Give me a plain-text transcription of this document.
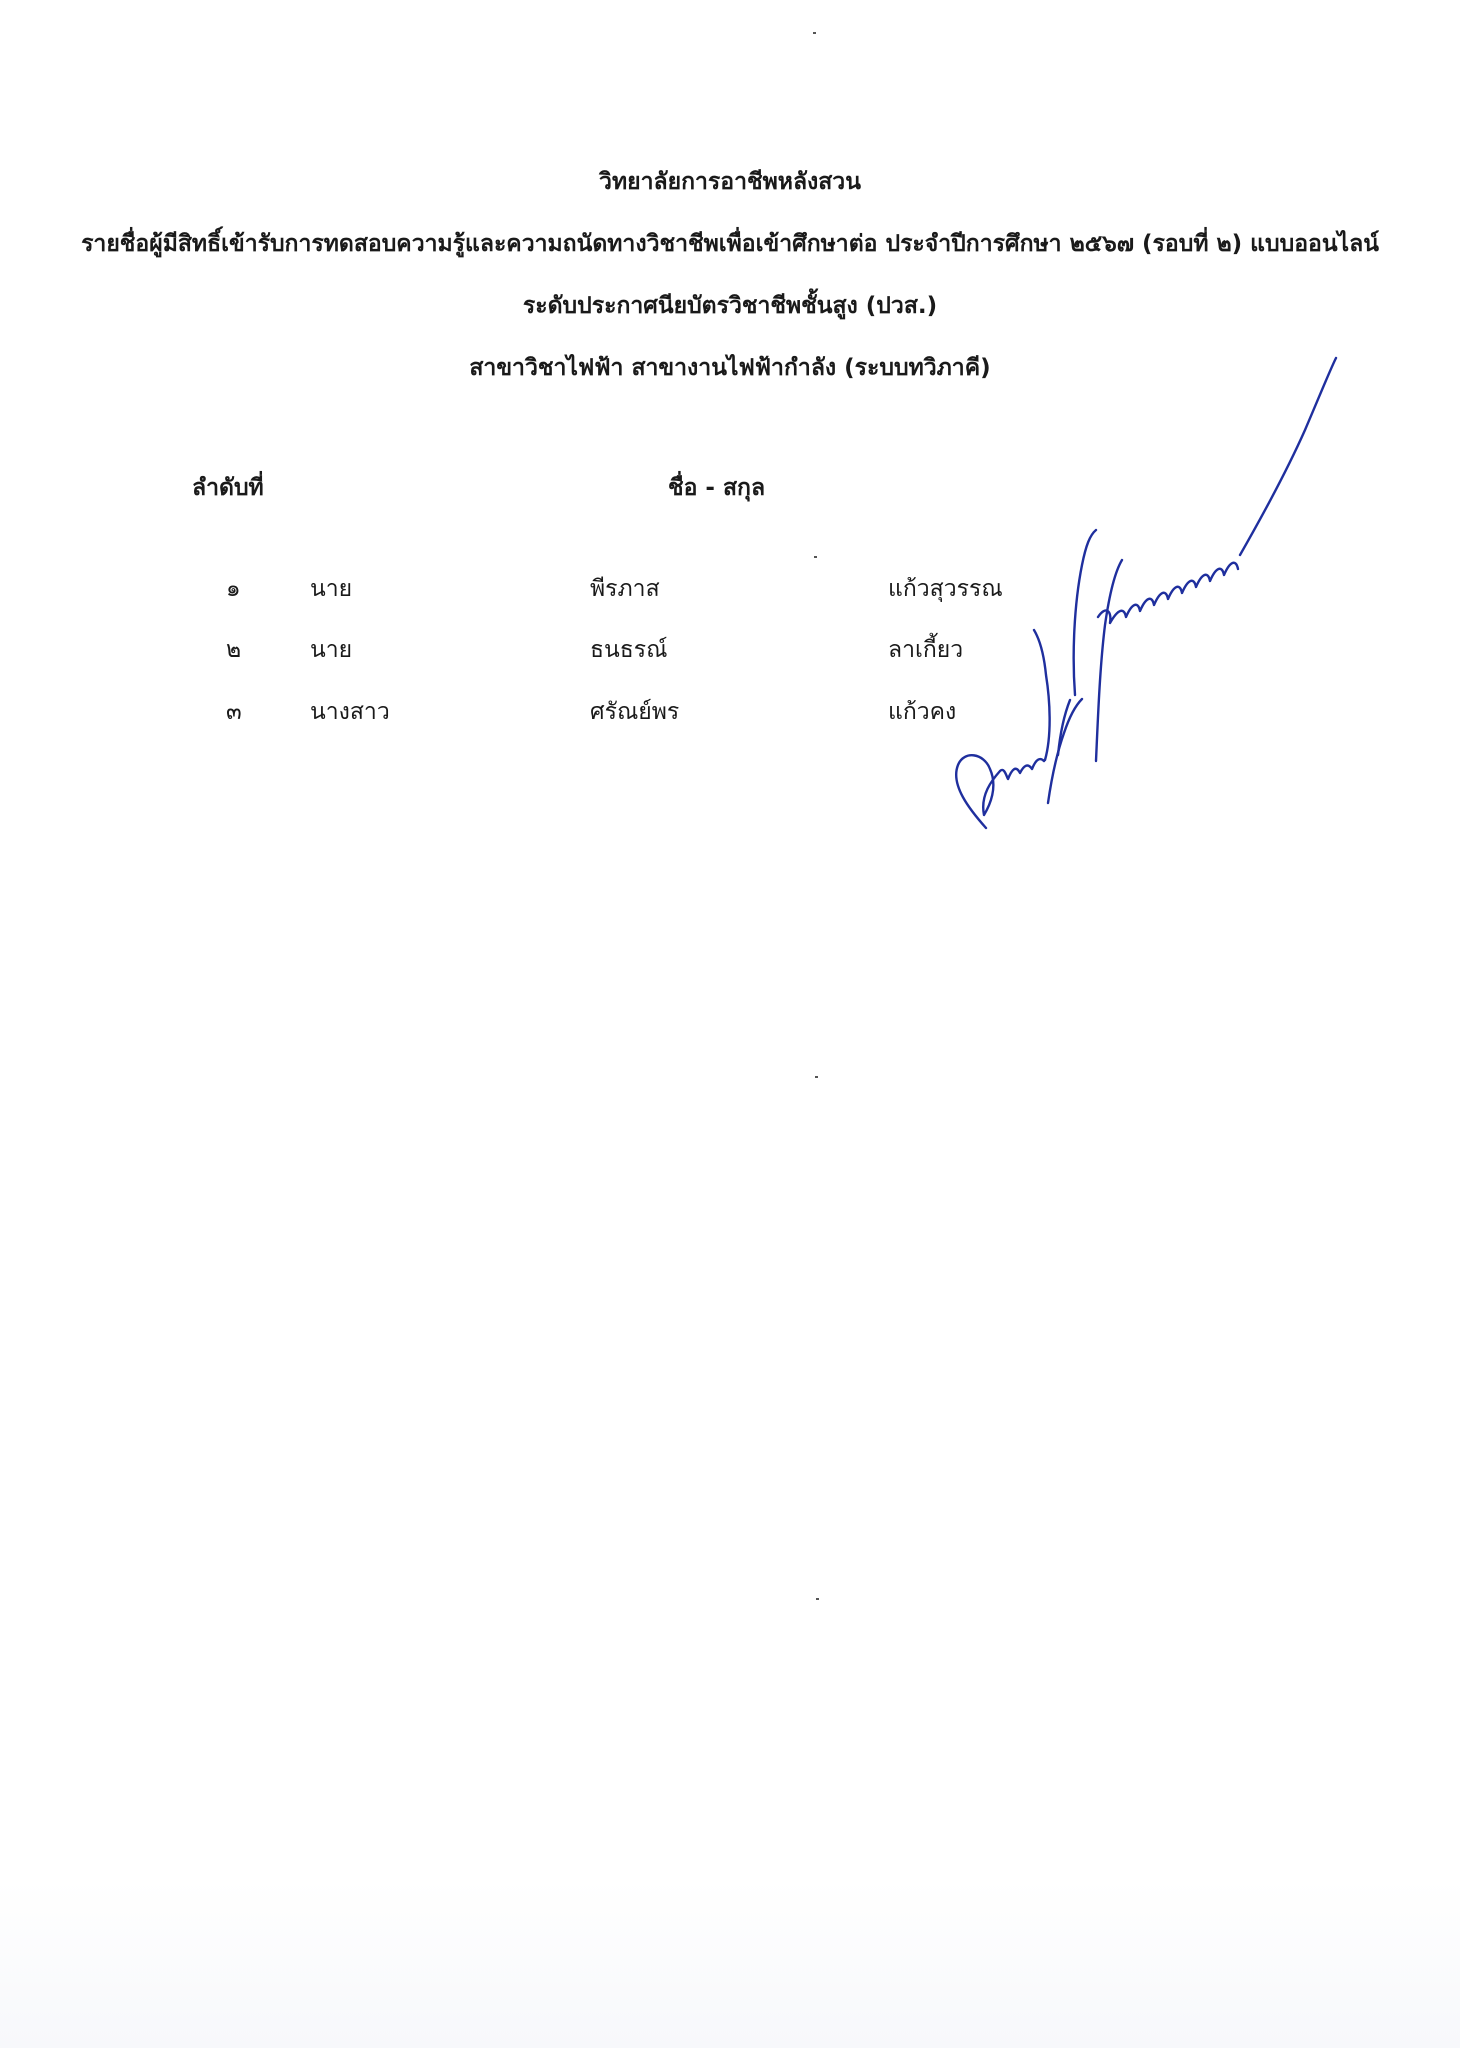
วิทยาลัยการอาชีพหลังสวน
รายชื่อผู้มีสิทธิ์เข้ารับการทดสอบความรู้และความถนัดทางวิชาชีพเพื่อเข้าศึกษาต่อ ประจำปีการศึกษา ๒๕๖๗ (รอบที่ ๒) แบบออนไลน์
ระดับประกาศนียบัตรวิชาชีพชั้นสูง (ปวส.)
สาขาวิชาไฟฟ้า สาขางานไฟฟ้ากำลัง (ระบบทวิภาคี)
ลำดับที่	ชื่อ - สกุล
๑	นาย	พีรภาส	แก้วสุวรรณ
๒	นาย	ธนธรณ์	ลาเกี้ยว
๓	นางสาว	ศรัณย์พร	แก้วคง
